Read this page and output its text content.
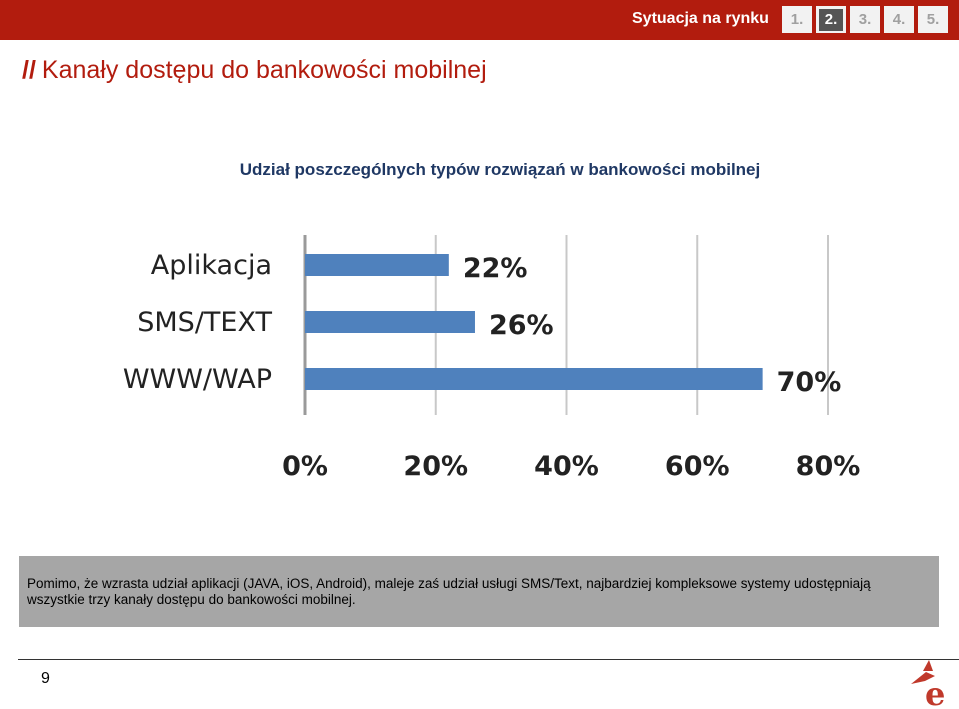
Sytuacja na rynku	1.	2.	3.	4.	5.
// Kanały dostępu do bankowości mobilnej
Udział poszczególnych typów rozwiązań w bankowości mobilnej
Aplikacja
SMS/TEXT
WWW/WAP
22%
26%
70%
0%	20% 40% 60% 80%
Pomimo, że wzrasta udział aplikacji (JAVA, iOS, Android), maleje zaś udział usługi SMS/Text, najbardziej kompleksowe systemy udostępniają wszystkie trzy kanały dostępu do bankowości mobilnej.
9	e
